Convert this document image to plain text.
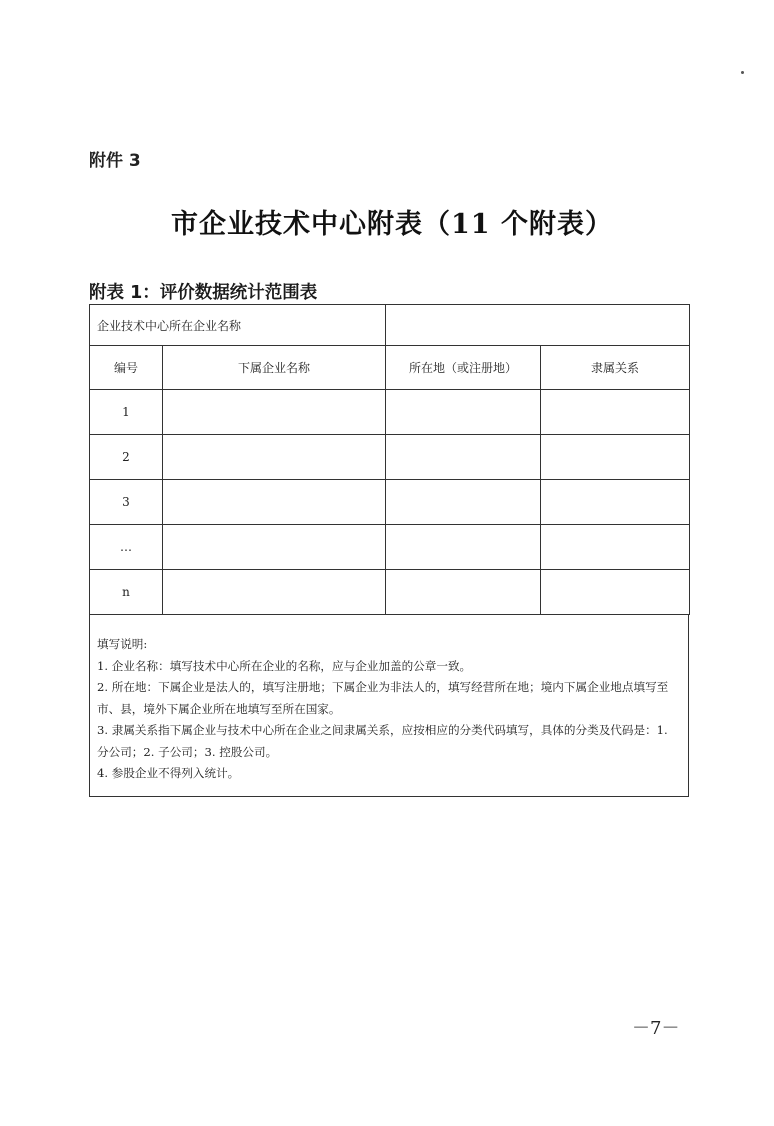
附件 3
市企业技术中心附表（11 个附表）
附表 1：评价数据统计范围表
企业技术中心所在企业名称			
编号	下属企业名称	所在地（或注册地）	隶属关系
1			
2			
3			
…			
n			

填写说明:

1. 企业名称：填写技术中心所在企业的名称，应与企业加盖的公章一致。

2. 所在地：下属企业是法人的，填写注册地；下属企业为非法人的，填写经营所在地；境内下属企业地点填写至市、县，境外下属企业所在地填写至所在国家。

3. 隶属关系指下属企业与技术中心所在企业之间隶属关系，应按相应的分类代码填写，具体的分类及代码是：1. 分公司；2. 子公司；3. 控股公司。

4. 参股企业不得列入统计。

－7－
